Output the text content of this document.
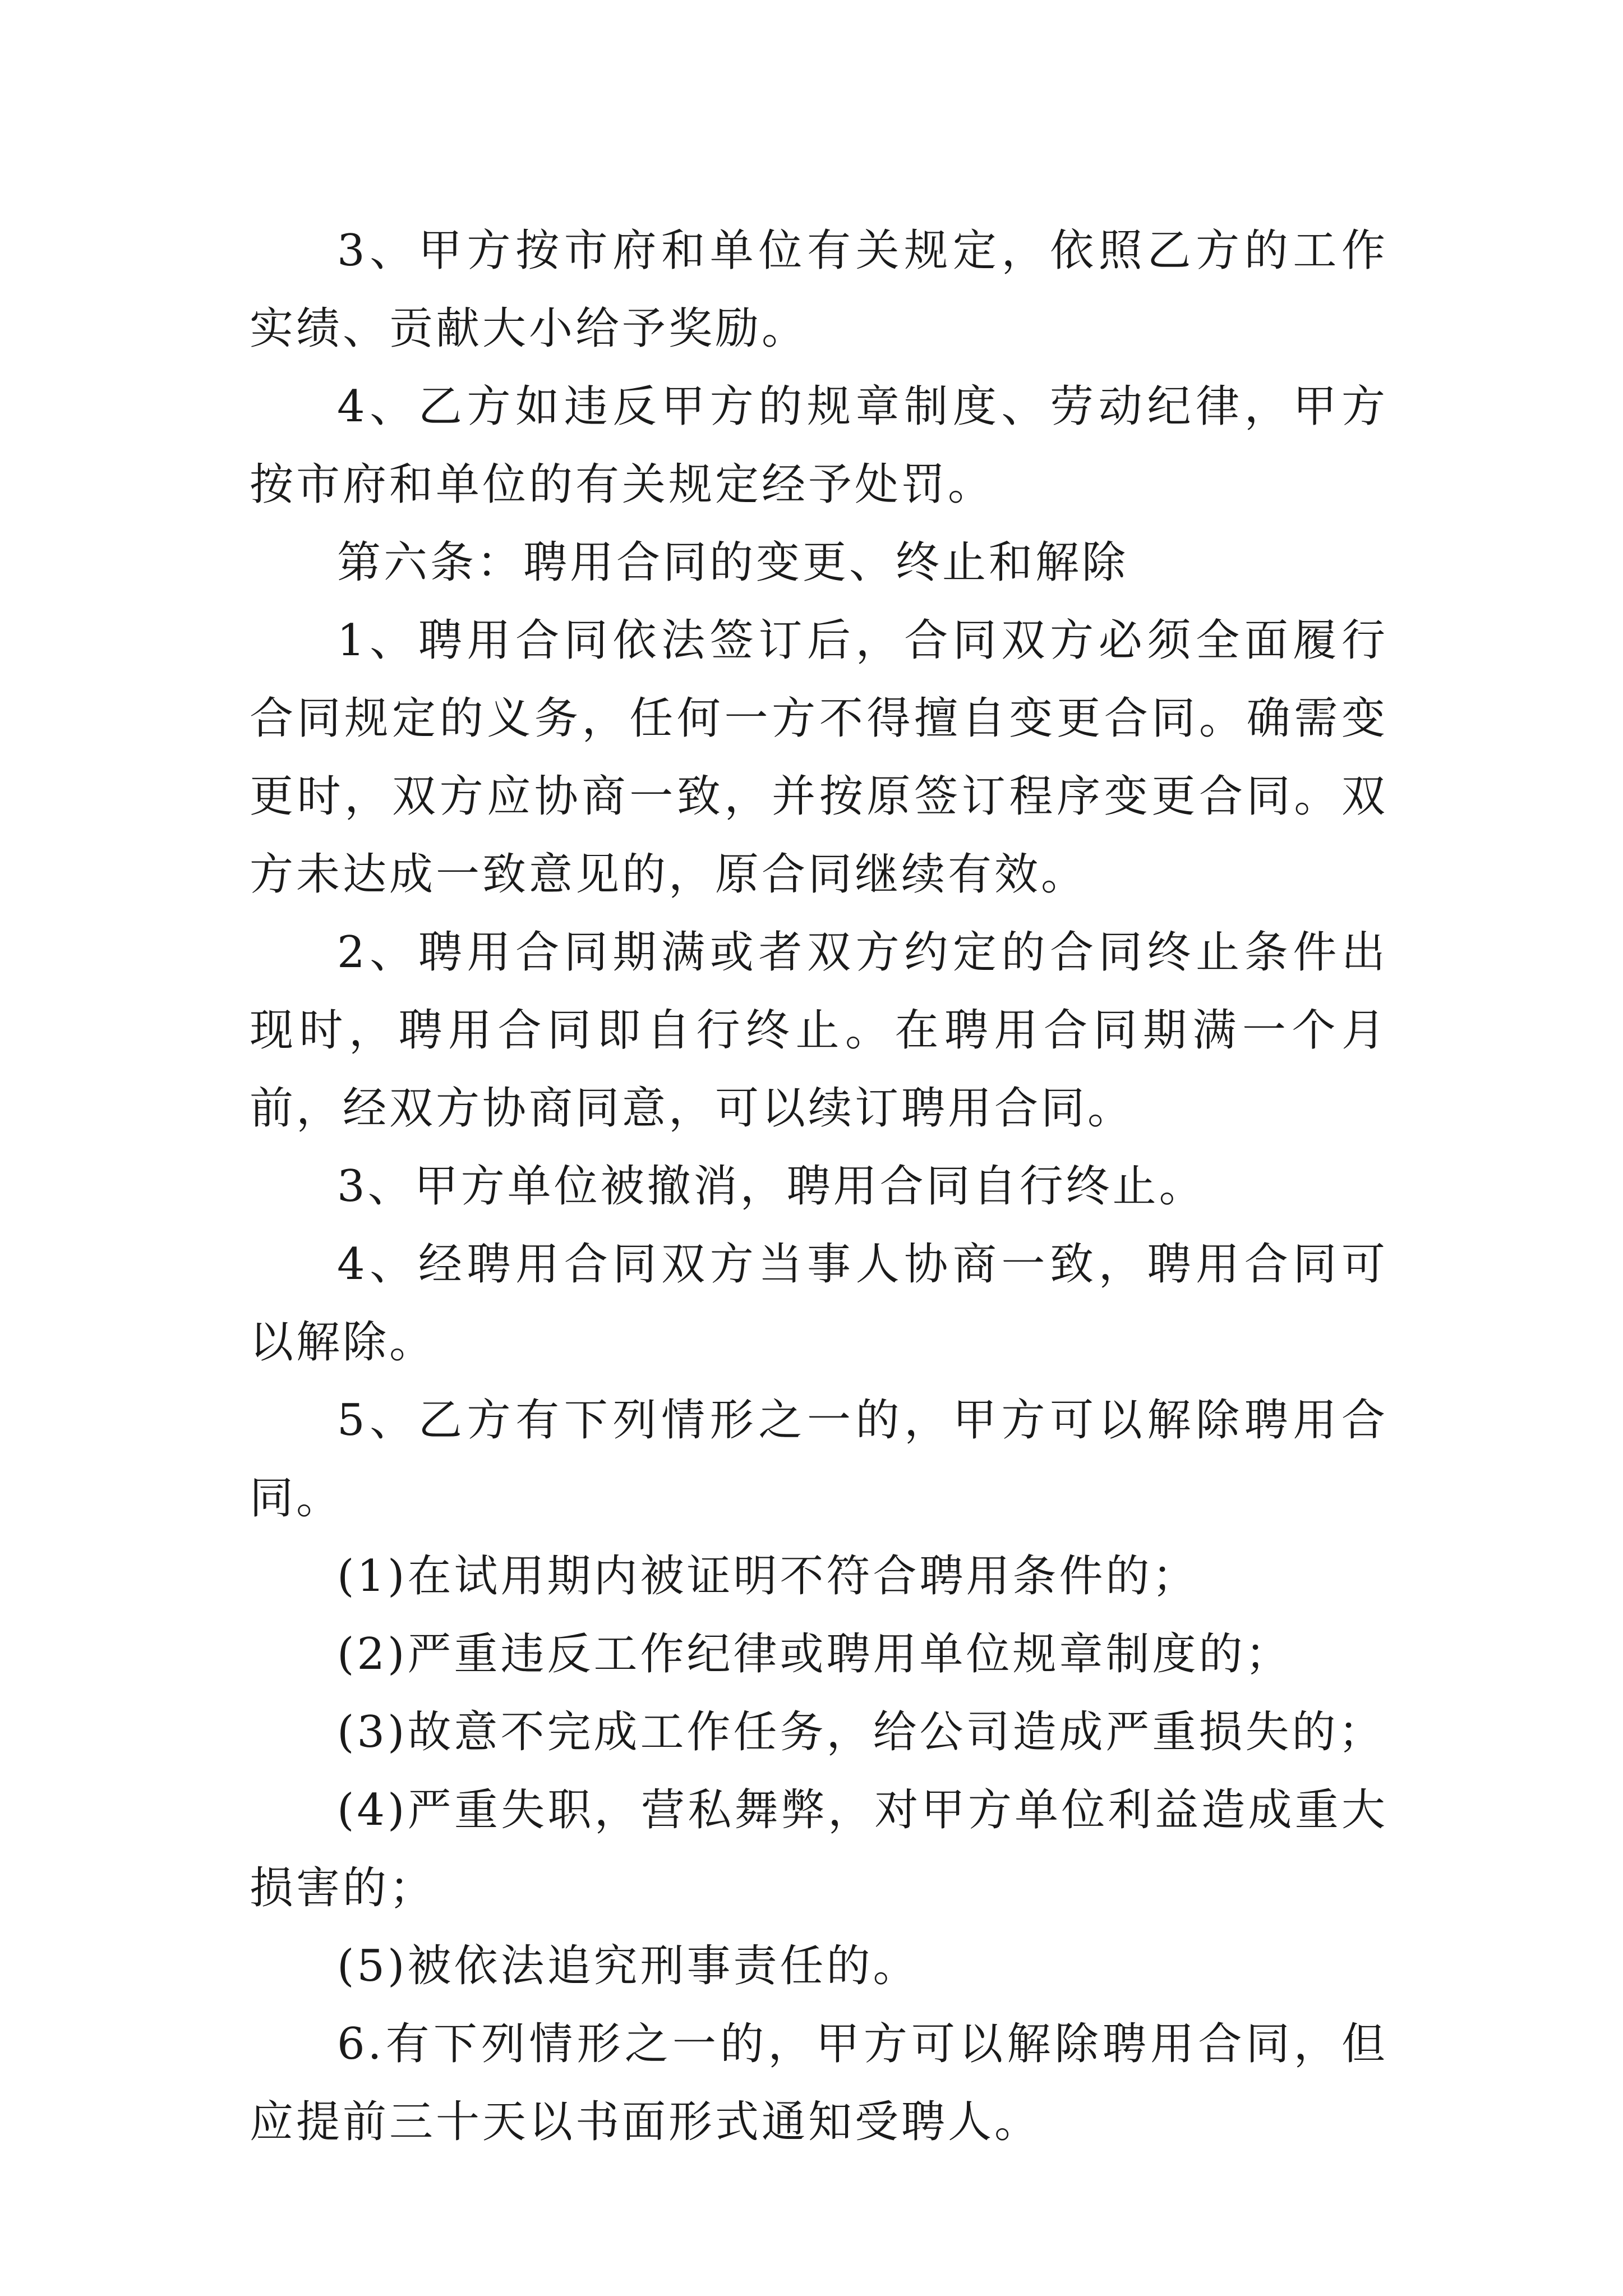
3、甲方按市府和单位有关规定，依照乙方的工作实绩、贡献大小给予奖励。

4、乙方如违反甲方的规章制度、劳动纪律，甲方按市府和单位的有关规定经予处罚。

第六条：聘用合同的变更、终止和解除

1、聘用合同依法签订后，合同双方必须全面履行合同规定的义务，任何一方不得擅自变更合同。确需变更时，双方应协商一致，并按原签订程序变更合同。双方未达成一致意见的，原合同继续有效。

2、聘用合同期满或者双方约定的合同终止条件出现时，聘用合同即自行终止。在聘用合同期满一个月前，经双方协商同意，可以续订聘用合同。

3、甲方单位被撤消，聘用合同自行终止。

4、经聘用合同双方当事人协商一致，聘用合同可以解除。

5、乙方有下列情形之一的，甲方可以解除聘用合同。

(1)在试用期内被证明不符合聘用条件的；

(2)严重违反工作纪律或聘用单位规章制度的；

(3)故意不完成工作任务，给公司造成严重损失的；

(4)严重失职，营私舞弊，对甲方单位利益造成重大损害的；

(5)被依法追究刑事责任的。

6.有下列情形之一的，甲方可以解除聘用合同，但应提前三十天以书面形式通知受聘人。
